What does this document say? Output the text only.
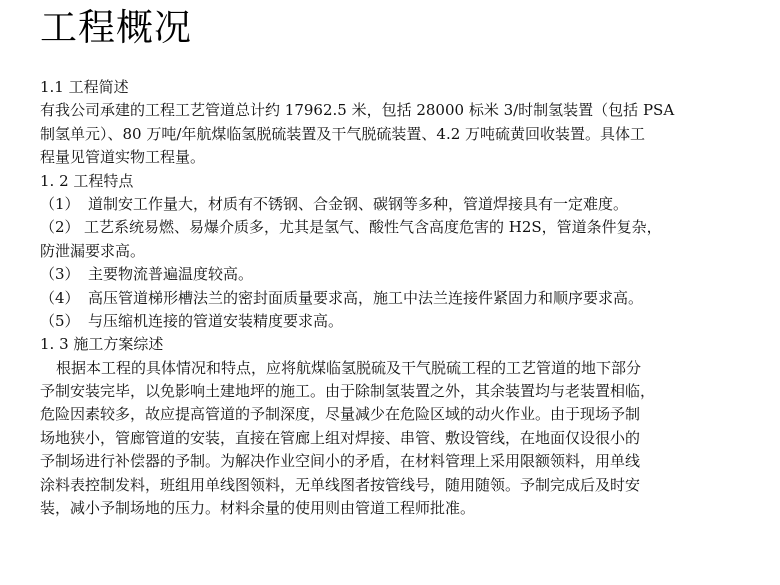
工程概况
1.1 工程简述
有我公司承建的工程工艺管道总计约 17962.5 米，包括 28000 标米 3/时制氢装置（包括 PSA
制氢单元）、80 万吨/年航煤临氢脱硫装置及干气脱硫装置、4.2 万吨硫黄回收装置。具体工
程量见管道实物工程量。
1. 2 工程特点
（1） 道制安工作量大，材质有不锈钢、合金钢、碳钢等多种，管道焊接具有一定难度。
（2） 工艺系统易燃、易爆介质多，尤其是氢气、酸性气含高度危害的 H2S，管道条件复杂，
防泄漏要求高。
（3） 主要物流普遍温度较高。
（4） 高压管道梯形槽法兰的密封面质量要求高，施工中法兰连接件紧固力和顺序要求高。
（5） 与压缩机连接的管道安装精度要求高。
1. 3 施工方案综述
根据本工程的具体情况和特点，应将航煤临氢脱硫及干气脱硫工程的工艺管道的地下部分
予制安装完毕，以免影响土建地坪的施工。由于除制氢装置之外，其余装置均与老装置相临，
危险因素较多，故应提高管道的予制深度，尽量减少在危险区域的动火作业。由于现场予制
场地狭小，管廊管道的安装，直接在管廊上组对焊接、串管、敷设管线，在地面仅设很小的
予制场进行补偿器的予制。为解决作业空间小的矛盾，在材料管理上采用限额领料，用单线
涂料表控制发料，班组用单线图领料，无单线图者按管线号，随用随领。予制完成后及时安
装，减小予制场地的压力。材料余量的使用则由管道工程师批准。
